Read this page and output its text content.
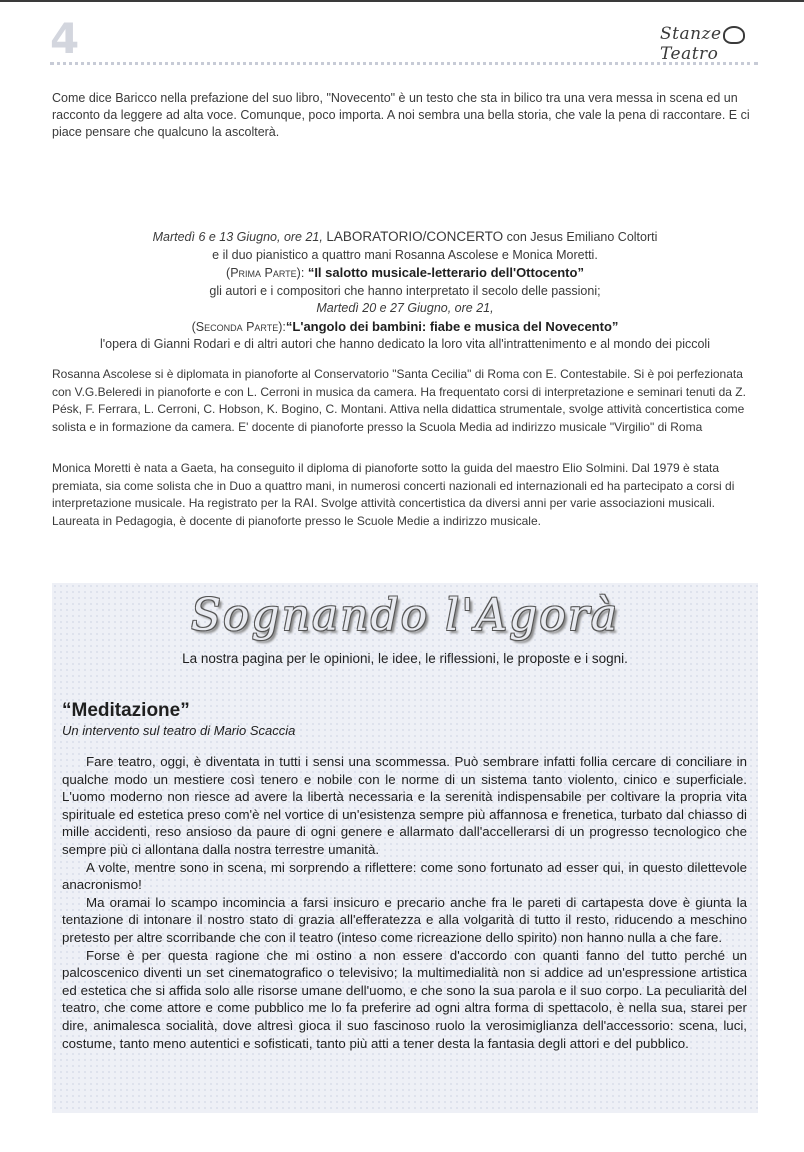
4	StanzeTeatro

Come dice Baricco nella prefazione del suo libro, "Novecento" è un testo che sta in bilico tra una vera messa in scena ed un racconto da leggere ad alta voce. Comunque, poco importa. A noi sembra una bella storia, che vale la pena di raccontare. E ci piace pensare che qualcuno la ascolterà.

Martedì 6 e 13 Giugno, ore 21, LABORATORIO/CONCERTO con Jesus Emiliano Coltorti
e il duo pianistico a quattro mani Rosanna Ascolese e Monica Moretti.
(Prima Parte): “Il salotto musicale-letterario dell'Ottocento”
gli autori e i compositori che hanno interpretato il secolo delle passioni;
Martedì 20 e 27 Giugno, ore 21,
(Seconda Parte):“L'angolo dei bambini: fiabe e musica del Novecento”
l'opera di Gianni Rodari e di altri autori che hanno dedicato la loro vita all'intrattenimento e al mondo dei piccoli

Rosanna Ascolese si è diplomata in pianoforte al Conservatorio "Santa Cecilia" di Roma con E. Contestabile. Si è poi perfezionata con V.G.Beleredi in pianoforte e con L. Cerroni in musica da camera. Ha frequentato corsi di interpretazione e seminari tenuti da Z. Pésk, F. Ferrara, L. Cerroni, C. Hobson, K. Bogino, C. Montani. Attiva nella didattica strumentale, svolge attività concertistica come solista e in formazione da camera. E' docente di pianoforte presso la Scuola Media ad indirizzo musicale "Virgilio" di Roma

Monica Moretti è nata a Gaeta, ha conseguito il diploma di pianoforte sotto la guida del maestro Elio Solmini. Dal 1979 è stata premiata, sia come solista che in Duo a quattro mani, in numerosi concerti nazionali ed internazionali ed ha partecipato a corsi di interpretazione musicale. Ha registrato per la RAI. Svolge attività concertistica da diversi anni per varie associazioni musicali. Laureata in Pedagogia, è docente di pianoforte presso le Scuole Medie a indirizzo musicale.

Sognando l'Agorà
La nostra pagina per le opinioni, le idee, le riflessioni, le proposte e i sogni.
“Meditazione”
Un intervento sul teatro di Mario Scaccia

Fare teatro, oggi, è diventata in tutti i sensi una scommessa. Può sembrare infatti follia cercare di conciliare in qualche modo un mestiere così tenero e nobile con le norme di un sistema tanto violento, cinico e superficiale. L'uomo moderno non riesce ad avere la libertà necessaria e la serenità indispensabile per coltivare la propria vita spirituale ed estetica preso com'è nel vortice di un'esistenza sempre più affannosa e frenetica, turbato dal chiasso di mille accidenti, reso ansioso da paure di ogni genere e allarmato dall'accellerarsi di un progresso tecnologico che sempre più ci allontana dalla nostra terrestre umanità.

A volte, mentre sono in scena, mi sorprendo a riflettere: come sono fortunato ad esser qui, in questo dilettevole anacronismo!

Ma oramai lo scampo incomincia a farsi insicuro e precario anche fra le pareti di cartapesta dove è giunta la tentazione di intonare il nostro stato di grazia all'efferatezza e alla volgarità di tutto il resto, riducendo a meschino pretesto per altre scorribande che con il teatro (inteso come ricreazione dello spirito) non hanno nulla a che fare.

Forse è per questa ragione che mi ostino a non essere d'accordo con quanti fanno del tutto perché un palcoscenico diventi un set cinematografico o televisivo; la multimedialità non si addice ad un'espressione artistica ed estetica che si affida solo alle risorse umane dell'uomo, e che sono la sua parola e il suo corpo. La peculiarità del teatro, che come attore e come pubblico me lo fa preferire ad ogni altra forma di spettacolo, è nella sua, starei per dire, animalesca socialità, dove altresì gioca il suo fascinoso ruolo la verosimiglianza dell'accessorio: scena, luci, costume, tanto meno autentici e sofisticati, tanto più atti a tener desta la fantasia degli attori e del pubblico.
